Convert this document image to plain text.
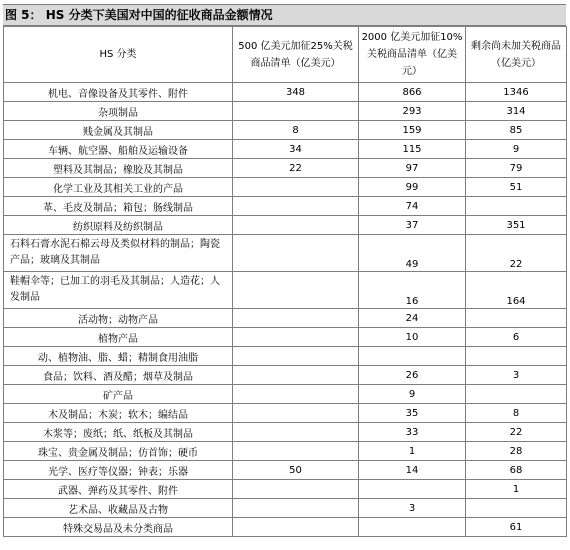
图 5： HS 分类下美国对中国的征收商品金额情况
HS 分类	500 亿美元加征25%关税商品清单（亿美元）	2000 亿美元加征10%关税商品清单（亿美元）	剩余尚未加关税商品（亿美元）
机电、音像设备及其零件、附件	348	866	1346
杂项制品		293	314
贱金属及其制品	8	159	85
车辆、航空器、船舶及运输设备	34	115	9
塑料及其制品；橡胶及其制品	22	97	79
化学工业及其相关工业的产品		99	51
革、毛皮及制品；箱包；肠线制品		74	
纺织原料及纺织制品		37	351
石料石膏水泥石棉云母及类似材料的制品；陶瓷产品；玻璃及其制品		49	22
鞋帽伞等；已加工的羽毛及其制品；人造花；人发制品		16	164
活动物；动物产品		24	
植物产品		10	6
动、植物油、脂、蜡；精制食用油脂			
食品；饮料、酒及醋；烟草及制品		26	3
矿产品		9	
木及制品；木炭；软木；编结品		35	8
木浆等；废纸；纸、纸板及其制品		33	22
珠宝、贵金属及制品；仿首饰；硬币		1	28
光学、医疗等仪器；钟表；乐器	50	14	68
武器、弹药及其零件、附件			1
艺术品、收藏品及古物		3	
特殊交易品及未分类商品			61
